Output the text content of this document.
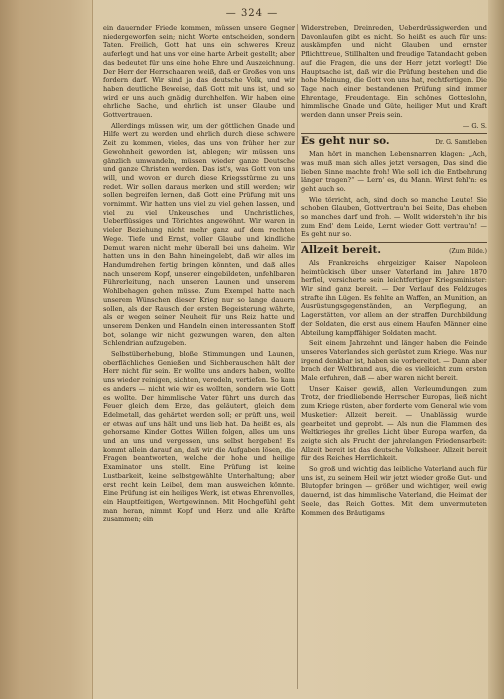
— 324 —

ein dauernder Friede kommen, müssen unsere Gegner niedergeworfen sein; nicht Worte entscheiden, sondern Taten. Freilich, Gott hat uns ein schweres Kreuz auferlegt und hat uns vor eine harte Arbeit gestellt; aber das bedeutet für uns eine hohe Ehre und Auszeichnung. Der Herr der Herrschaaren weiß, daß er Großes von uns fordern darf. Wir sind ja das deutsche Volk, und wir haben deutliche Beweise, daß Gott mit uns ist, und so wird er uns auch gnädig durchhelfen. Wir haben eine ehrliche Sache, und ehrlich ist unser Glaube und Gottvertrauen.

Allerdings müssen wir, um der göttlichen Gnade und Hilfe wert zu werden und ehrlich durch diese schwere Zeit zu kommen, vieles, das uns von früher her zur Gewohnheit geworden ist, ablegen; wir müssen uns gänzlich umwandeln, müssen wieder ganze Deutsche und ganze Christen werden. Das ist's, was Gott von uns will, und wovon er durch diese Kriegsstürme zu uns redet. Wir sollen daraus merken und still werden; wir sollen begreifen lernen, daß Gott eine Prüfung mit uns vornimmt. Wir hatten uns viel zu viel gehen lassen, und viel zu viel Unkeusches und Unchristliches, Ueberflüssiges und Törichtes angewöhnt. Wir waren in vieler Beziehung nicht mehr ganz auf dem rechten Wege. Tiefe und Ernst, voller Glaube und kindliche Demut waren nicht mehr überall bei uns daheim. Wir hatten uns in den Bahn hineingelebt, daß wir alles im Handumdrehen fertig bringen könnten, und daß alles nach unserem Kopf, unserer eingebildeten, unfehlbaren Führerleitung, nach unseren Launen und unserem Wohlbehagen gehen müsse. Zum Exempel hatte nach unserem Wünschen dieser Krieg nur so lange dauern sollen, als der Rausch der ersten Begeisterung währte, als er wegen seiner Neuheit für uns Reiz hatte und unserem Denken und Handeln einen interessanten Stoff bot, solange wir nicht gezwungen waren, den alten Schlendrian aufzugeben.

Selbstüberhebung, bloße Stimmungen und Launen, oberflächliches Genießen und Sichberauschen hält der Herr nicht für sein. Er wollte uns anders haben, wollte uns wieder reinigen, sichten, veredeln, vertiefen. So kam es anders — nicht wie wir es wollten, sondern wie Gott es wollte. Der himmlische Vater führt uns durch das Feuer gleich dem Erze, das geläutert, gleich dem Edelmetall, das gehärtet werden soll; er prüft uns, weil er etwas auf uns hält und uns lieb hat. Da heißt es, als gehorsame Kinder Gottes Willen folgen, alles um uns und an uns und vergessen, uns selbst hergeben! Es kommt allein darauf an, daß wir die Aufgaben lösen, die Fragen beantworten, welche der hohe und heilige Examinator uns stellt. Eine Prüfung ist keine Lustbarkeit, keine selbstgewählte Unterhaltung; aber erst recht kein Leibel, dem man ausweichen könnte. Eine Prüfung ist ein heiliges Werk, ist etwas Ehrenvolles, ein Hauptfeitigen, Wertgewinnen. Mit Hochgefühl geht man heran, nimmt Kopf und Herz und alle Kräfte zusammen; ein

Widerstreben, Dreinreden, Ueberdrüssigwerden und Davonlaufen gibt es nicht. So heißt es auch für uns: auskämpfen und nicht Glauben und ernster Pflichttreue, Stillhalten und freudige Tatandacht geben auf die Fragen, die uns der Herr jetzt vorlegt! Die Hauptsache ist, daß wir die Prüfung bestehen und die hohe Meinung, die Gott von uns hat, rechtfertigen. Die Tage nach einer bestandenen Prüfung sind immer Ehrentage, Freudentage. Ein schönes Gotteslohn, himmlische Gnade und Güte, heiliger Mut und Kraft werden dann unser Preis sein.

— G. S.
Es geht nur so.	Dr. G. Samtleben

Man hört in manchen Lebensnarren klagen: „Ach, was muß man sich alles jetzt versagen, Das sind die lieben Sinne machte froh! Wie soll ich die Entbehrung länger tragen?“ — Lern' es, du Mann. Wirst fehl'n: es geht auch so.

Wie törricht, ach, sind doch so manche Leute! Sie schoben Glauben, Gottvertrau'n bei Seite, Das eheben so manches darf und froh. — Wollt widersteh'n ihr bis zum End' dem Leide, Lernt wieder Gott vertrau'n! — Es geht nur so.

Allzeit bereit.	(Zum Bilde.)

Als Frankreichs ehrgeiziger Kaiser Napoleon heimtückisch über unser Vaterland im Jahre 1870 herfiel, versicherte sein leichtfertiger Kriegsminister: Wir sind ganz bereit. — Der Verlauf des Feldzuges strafte ihn Lügen. Es fehlte an Waffen, an Munition, an Ausrüstungsgegenständen, an Verpflegung, an Lagerstätten, vor allem an der straffen Durchbildung der Soldaten, die erst aus einem Haufen Männer eine Abteilung kampffähiger Soldaten macht.

Seit einem Jahrzehnt und länger haben die Feinde unseres Vaterlandes sich gerüstet zum Kriege. Was nur irgend denkbar ist, haben sie vorbereitet. — Dann aber brach der Weltbrand aus, die es vielleicht zum ersten Male erfuhren, daß — aber waren nicht bereit.

Unser Kaiser gewiß, allen Verleumdungen zum Trotz, der friedliebende Herrscher Europas, ließ nicht zum Kriege rüsten, aber forderte vom General wie vom Musketier: Allzeit bereit. — Unablässig wurde gearbeitet und geprobt. — Als nun die Flammen des Weltkrieges ihr grelles Licht über Europa warfen, da zeigte sich als Frucht der jahrelangen Friedensarbeit: Allzeit bereit ist das deutsche Volksheer. Allzeit bereit für des Reiches Herrlichkeit.

So groß und wichtig das leibliche Vaterland auch für uns ist, zu seinem Heil wir jetzt wieder große Gut- und Blutopfer bringen — größer und wichtiger, weil ewig dauernd, ist das himmlische Vaterland, die Heimat der Seele, das Reich Gottes. Mit dem unvermuteten Kommen des Bräutigams
